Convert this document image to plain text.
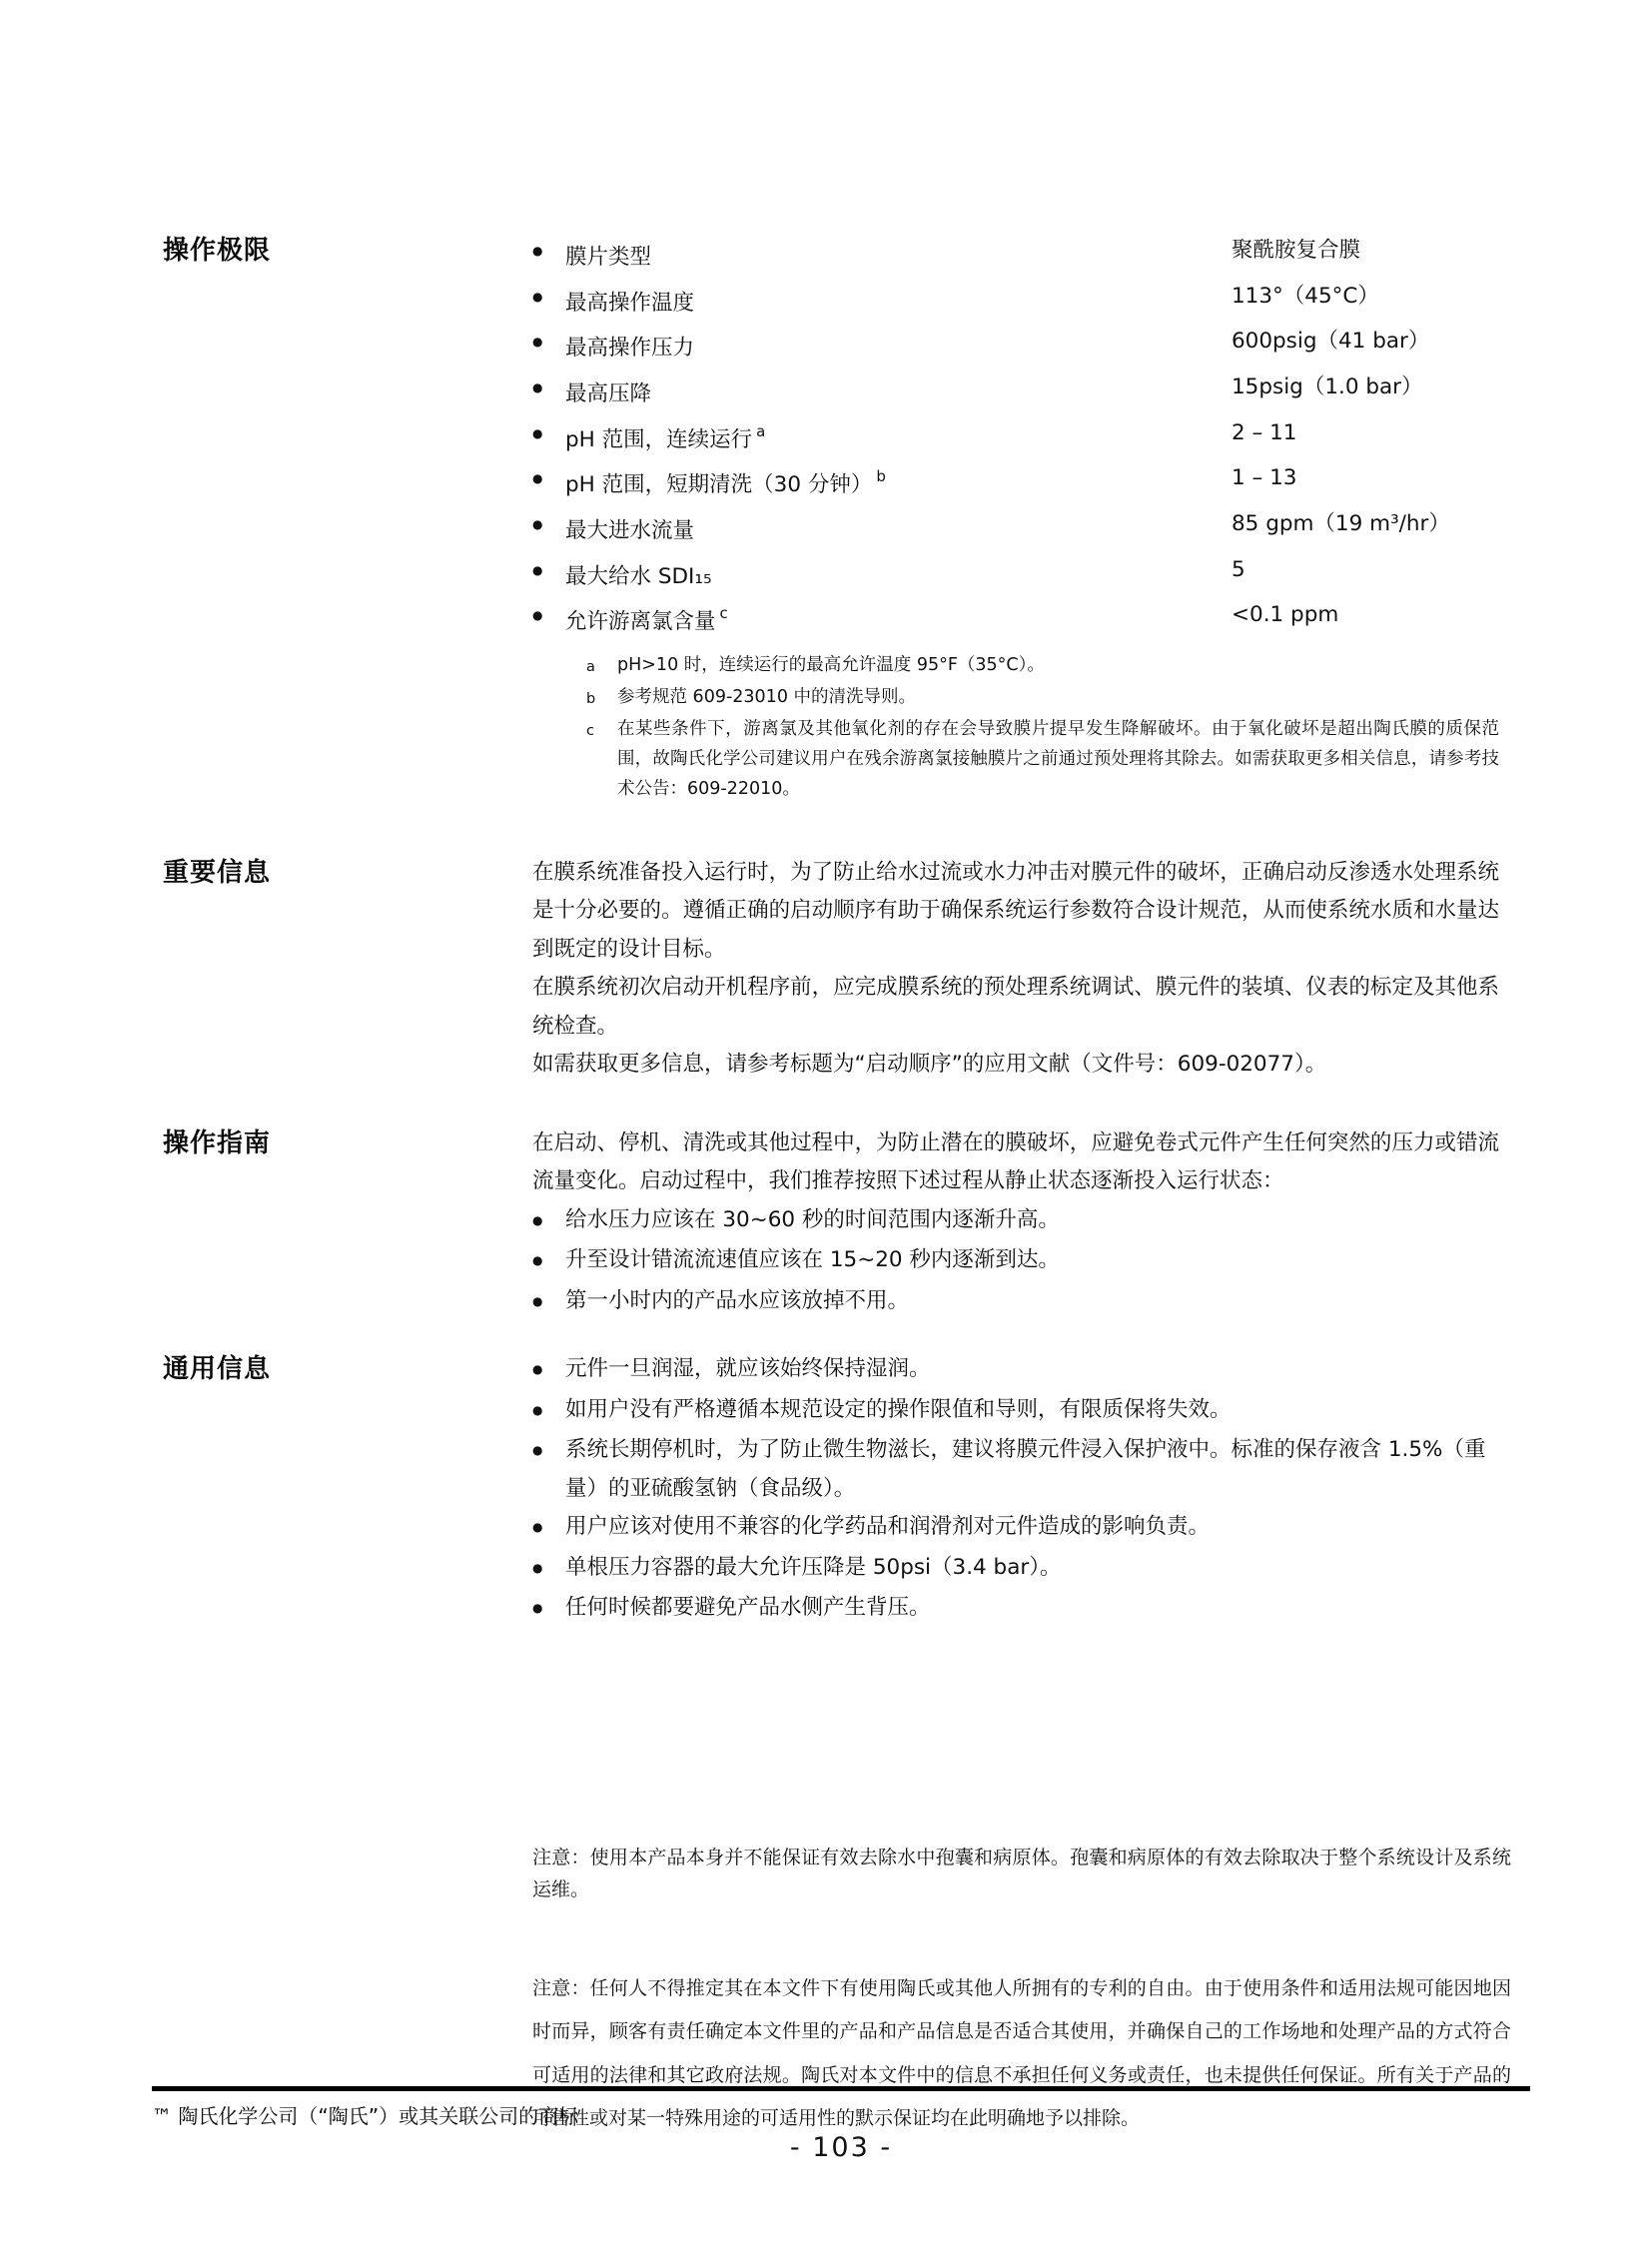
操作极限 ●	膜片类型	聚酰胺复合膜
●
最高操作温度	113°（45°C）
●
最高操作压力	600psig（41 bar）
●
最高压降	15psig（1.0 bar）
●
pH 范围，连续运行 $^a$	2 – 11
●
pH 范围，短期清洗（30 分钟） $^b$	1 – 13
●
最大进水流量	85 gpm（19 m³/hr）
●
最大给水 SDI₁₅	5
●
允许游离氯含量 $^c$	<0.1 ppm
a	pH>10 时，连续运行的最高允许温度 95°F（35°C）。
b	参考规范 609-23010 中的清洗导则。
c	在某些条件下，游离氯及其他氧化剂的存在会导致膜片提早发生降解破坏。由于氧化破坏是超出陶氏膜的质保范围，故陶氏化学公司建议用户在残余游离氯接触膜片之前通过预处理将其除去。如需获取更多相关信息，请参考技术公告：609-22010。
重要信息	在膜系统准备投入运行时，为了防止给水过流或水力冲击对膜元件的破坏，正确启动反渗透水处理系统是十分必要的。遵循正确的启动顺序有助于确保系统运行参数符合设计规范，从而使系统水质和水量达到既定的设计目标。

在膜系统初次启动开机程序前，应完成膜系统的预处理系统调试、膜元件的装填、仪表的标定及其他系统检查。

如需获取更多信息，请参考标题为“启动顺序”的应用文献（文件号：609-02077）。

操作指南	在启动、停机、清洗或其他过程中，为防止潜在的膜破坏，应避免卷式元件产生任何突然的压力或错流流量变化。启动过程中，我们推荐按照下述过程从静止状态逐渐投入运行状态：

●
给水压力应该在 30~60 秒的时间范围内逐渐升高。
●
升至设计错流流速值应该在 15~20 秒内逐渐到达。
●
第一小时内的产品水应该放掉不用。
通用信息 ●	元件一旦润湿，就应该始终保持湿润。
●
如用户没有严格遵循本规范设定的操作限值和导则，有限质保将失效。
●
系统长期停机时，为了防止微生物滋长，建议将膜元件浸入保护液中。标准的保存液含 1.5%（重量）的亚硫酸氢钠（食品级）。
●
用户应该对使用不兼容的化学药品和润滑剂对元件造成的影响负责。
●
单根压力容器的最大允许压降是 50psi（3.4 bar）。
●
任何时候都要避免产品水侧产生背压。

注意：使用本产品本身并不能保证有效去除水中孢囊和病原体。孢囊和病原体的有效去除取决于整个系统设计及系统运维。

注意：任何人不得推定其在本文件下有使用陶氏或其他人所拥有的专利的自由。由于使用条件和适用法规可能因地因时而异，顾客有责任确定本文件里的产品和产品信息是否适合其使用，并确保自己的工作场地和处理产品的方式符合可适用的法律和其它政府法规。陶氏对本文件中的信息不承担任何义务或责任，也未提供任何保证。所有关于产品的可售性或对某一特殊用途的可适用性的默示保证均在此明确地予以排除。

™ 陶氏化学公司（“陶氏”）或其关联公司的商标
- 103 -
